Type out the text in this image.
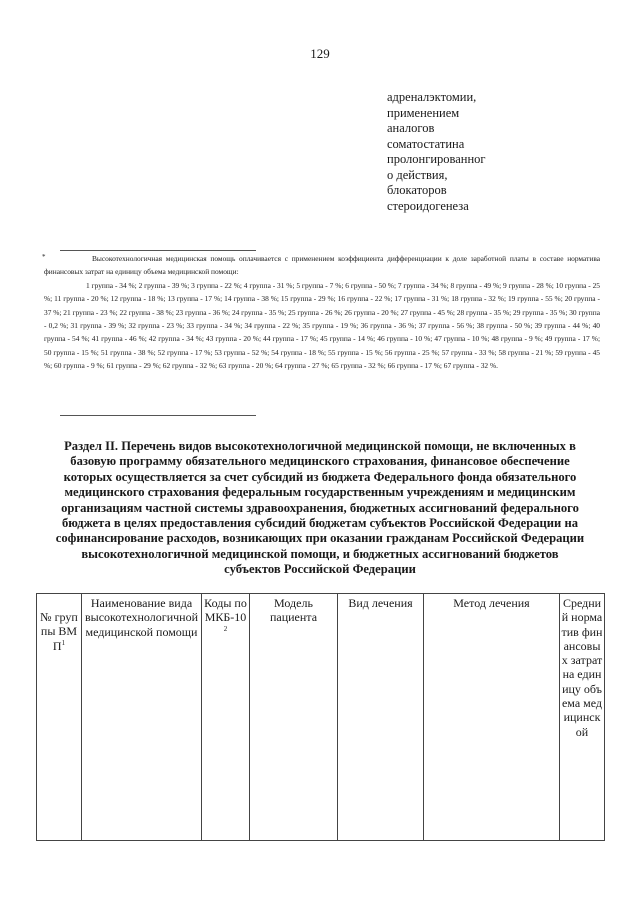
129
адреналэктомии,
применением
аналогов
соматостатина
пролонгированног
о действия,
блокаторов
стероидогенеза
*	Высокотехнологичная медицинская помощь оплачивается с применением коэффициента дифференциации к доле заработной платы в составе норматива финансовых затрат на единицу объема медицинской помощи:

1 группа - 34 %; 2 группа - 39 %; 3 группа - 22 %; 4 группа - 31 %; 5 группа - 7 %; 6 группа - 50 %; 7 группа - 34 %; 8 группа - 49 %; 9 группа - 28 %; 10 группа - 25 %; 11 группа - 20 %; 12 группа - 18 %; 13 группа - 17 %; 14 группа - 38 %; 15 группа - 29 %; 16 группа - 22 %; 17 группа - 31 %; 18 группа - 32 %; 19 группа - 55 %; 20 группа - 37 %; 21 группа - 23 %; 22 группа - 38 %; 23 группа - 36 %; 24 группа - 35 %; 25 группа - 26 %; 26 группа - 20 %; 27 группа - 45 %; 28 группа - 35 %; 29 группа - 35 %; 30 группа - 0,2 %; 31 группа - 39 %; 32 группа - 23 %; 33 группа - 34 %; 34 группа - 22 %; 35 группа - 19 %; 36 группа - 36 %; 37 группа - 56 %; 38 группа - 50 %; 39 группа - 44 %; 40 группа - 54 %; 41 группа - 46 %; 42 группа - 34 %; 43 группа - 20 %; 44 группа - 17 %; 45 группа - 14 %; 46 группа - 10 %; 47 группа - 10 %; 48 группа - 9 %; 49 группа - 17 %; 50 группа - 15 %; 51 группа - 38 %; 52 группа - 17 %; 53 группа - 52 %; 54 группа - 18 %; 55 группа - 15 %; 56 группа - 25 %; 57 группа - 33 %; 58 группа - 21 %; 59 группа - 45 %; 60 группа - 9 %; 61 группа - 29 %; 62 группа - 32 %; 63 группа - 20 %; 64 группа - 27 %; 65 группа - 32 %; 66 группа - 17 %; 67 группа - 32 %.

Раздел II. Перечень видов высокотехнологичной медицинской помощи, не включенных в базовую программу обязательного медицинского страхования, финансовое обеспечение которых осуществляется за счет субсидий из бюджета Федерального фонда обязательного медицинского страхования федеральным государственным учреждениям и медицинским организациям частной системы здравоохранения, бюджетных ассигнований федерального бюджета в целях предоставления субсидий бюджетам субъектов Российской Федерации на софинансирование расходов, возникающих при оказании гражданам Российской Федерации высокотехнологичной медицинской помощи, и бюджетных ассигнований бюджетов субъектов Российской Федерации
№ группы ВМП$^1$	Наименование вида высокотехнологичной медицинской помощи	Коды по МКБ-$10^2$	Модель пациента	Вид лечения	Метод лечения	Средний норматив финансовых затрат на единицу объема медицинской
